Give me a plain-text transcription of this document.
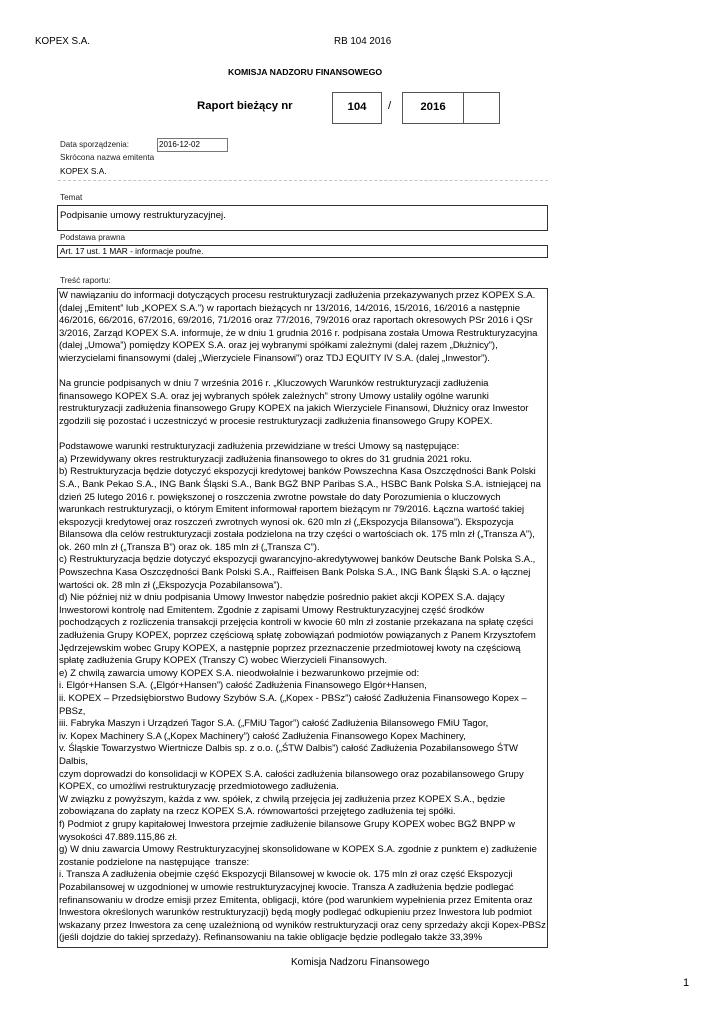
KOPEX S.A.	RB 104 2016
KOMISJA NADZORU FINANSOWEGO
Raport bieżący nr	104 /	2016
Data sporządzenia:	2016-12-02
Skrócona nazwa emitenta
KOPEX S.A.
Temat
Podpisanie umowy restrukturyzacyjnej.
Podstawa prawna
Art. 17 ust. 1 MAR - informacje poufne.
Treść raportu:
W nawiązaniu do informacji dotyczących procesu restrukturyzacji zadłużenia przekazywanych przez KOPEX S.A.
(dalej „Emitent” lub „KOPEX S.A.”) w raportach bieżących nr 13/2016, 14/2016, 15/2016, 16/2016 a następnie
46/2016, 66/2016, 67/2016, 69/2016, 71/2016 oraz 77/2016, 79/2016 oraz raportach okresowych PSr 2016 i QSr
3/2016, Zarząd KOPEX S.A. informuje, że w dniu 1 grudnia 2016 r. podpisana została Umowa Restrukturyzacyjna
(dalej „Umowa”) pomiędzy KOPEX S.A. oraz jej wybranymi spółkami zależnymi (dalej razem „Dłużnicy”),
wierzycielami finansowymi (dalej „Wierzyciele Finansowi”) oraz TDJ EQUITY IV S.A. (dalej „Inwestor”).
Na gruncie podpisanych w dniu 7 września 2016 r. „Kluczowych Warunków restrukturyzacji zadłużenia
finansowego KOPEX S.A. oraz jej wybranych spółek zależnych” strony Umowy ustaliły ogólne warunki
restrukturyzacji zadłużenia finansowego Grupy KOPEX na jakich Wierzyciele Finansowi, Dłużnicy oraz Inwestor
zgodzili się pozostać i uczestniczyć w procesie restrukturyzacji zadłużenia finansowego Grupy KOPEX.
Podstawowe warunki restrukturyzacji zadłużenia przewidziane w treści Umowy są następujące:
a) Przewidywany okres restrukturyzacji zadłużenia finansowego to okres do 31 grudnia 2021 roku.
b) Restrukturyzacja będzie dotyczyć ekspozycji kredytowej banków Powszechna Kasa Oszczędności Bank Polski
S.A., Bank Pekao S.A., ING Bank Śląski S.A., Bank BGŻ BNP Paribas S.A., HSBC Bank Polska S.A. istniejącej na
dzień 25 lutego 2016 r. powiększonej o roszczenia zwrotne powstałe do daty Porozumienia o kluczowych
warunkach restrukturyzacji, o którym Emitent informował raportem bieżącym nr 79/2016. Łączna wartość takiej
ekspozycji kredytowej oraz roszczeń zwrotnych wynosi ok. 620 mln zł („Ekspozycja Bilansowa”). Ekspozycja
Bilansowa dla celów restrukturyzacji została podzielona na trzy części o wartościach ok. 175 mln zł („Transza A”),
ok. 260 mln zł („Transza B”) oraz ok. 185 mln zł („Transza C”).
c) Restrukturyzacja będzie dotyczyć ekspozycji gwarancyjno-akredytywowej banków Deutsche Bank Polska S.A.,
Powszechna Kasa Oszczędności Bank Polski S.A., Raiffeisen Bank Polska S.A., ING Bank Śląski S.A. o łącznej
wartości ok. 28 mln zł („Ekspozycja Pozabilansowa”).
d) Nie później niż w dniu podpisania Umowy Inwestor nabędzie pośrednio pakiet akcji KOPEX S.A. dający
Inwestorowi kontrolę nad Emitentem. Zgodnie z zapisami Umowy Restrukturyzacyjnej część środków
pochodzących z rozliczenia transakcji przejęcia kontroli w kwocie 60 mln zł zostanie przekazana na spłatę części
zadłużenia Grupy KOPEX, poprzez częściową spłatę zobowiązań podmiotów powiązanych z Panem Krzysztofem
Jędrzejewskim wobec Grupy KOPEX, a następnie poprzez przeznaczenie przedmiotowej kwoty na częściową
spłatę zadłużenia Grupy KOPEX (Transzy C) wobec Wierzycieli Finansowych.
e) Z chwilą zawarcia umowy KOPEX S.A. nieodwołalnie i bezwarunkowo przejmie od:
i. Elgór+Hansen S.A. („Elgór+Hansen”) całość Zadłużenia Finansowego Elgór+Hansen,
ii. KOPEX – Przedsiębiorstwo Budowy Szybów S.A. („Kopex - PBSz”) całość Zadłużenia Finansowego Kopex –
PBSz,
iii. Fabryka Maszyn i Urządzeń Tagor S.A. („FMiU Tagor”) całość Zadłużenia Bilansowego FMiU Tagor,
iv. Kopex Machinery S.A („Kopex Machinery”) całość Zadłużenia Finansowego Kopex Machinery,
v. Śląskie Towarzystwo Wiertnicze Dalbis sp. z o.o. („ŚTW Dalbis”) całość Zadłużenia Pozabilansowego ŚTW
Dalbis,
czym doprowadzi do konsolidacji w KOPEX S.A. całości zadłużenia bilansowego oraz pozabilansowego Grupy
KOPEX, co umożliwi restrukturyzację przedmiotowego zadłużenia.
W związku z powyższym, każda z ww. spółek, z chwilą przejęcia jej zadłużenia przez KOPEX S.A., będzie
zobowiązana do zapłaty na rzecz KOPEX S.A. równowartości przejętego zadłużenia tej spółki.
f) Podmiot z grupy kapitałowej Inwestora przejmie zadłużenie bilansowe Grupy KOPEX wobec BGŻ BNPP w
wysokości 47.889.115,86 zł.
g) W dniu zawarcia Umowy Restrukturyzacyjnej skonsolidowane w KOPEX S.A. zgodnie z punktem e) zadłużenie
zostanie podzielone na następujące  transze:
i. Transza A zadłużenia obejmie część Ekspozycji Bilansowej w kwocie ok. 175 mln zł oraz część Ekspozycji
Pozabilansowej w uzgodnionej w umowie restrukturyzacyjnej kwocie. Transza A zadłużenia będzie podlegać
refinansowaniu w drodze emisji przez Emitenta, obligacji, które (pod warunkiem wypełnienia przez Emitenta oraz
Inwestora określonych warunków restrukturyzacji) będą mogły podlegać odkupieniu przez Inwestora lub podmiot
wskazany przez Inwestora za cenę uzależnioną od wyników restrukturyzacji oraz ceny sprzedaży akcji Kopex-PBSz
(jeśli dojdzie do takiej sprzedaży). Refinansowaniu na takie obligacje będzie podlegało także 33,39%
Komisja Nadzoru Finansowego
1
